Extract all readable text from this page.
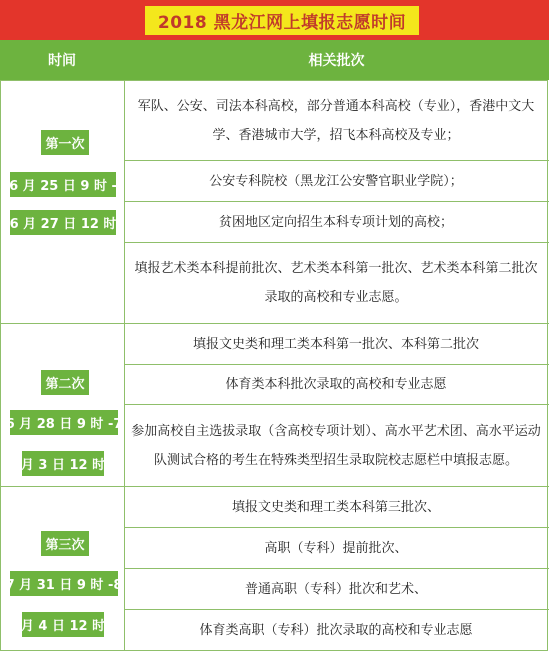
2018 黑龙江网上填报志愿时间
时间	相关批次
第一次
6 月 25 日 9 时 -
6 月 27 日 12 时
军队、公安、司法本科高校，部分普通本科高校（专业），香港中文大学、香港城市大学，招飞本科高校及专业；
公安专科院校（黑龙江公安警官职业学院）；
贫困地区定向招生本科专项计划的高校；
填报艺术类本科提前批次、艺术类本科第一批次、艺术类本科第二批次录取的高校和专业志愿。
第二次
6 月 28 日 9 时 -7
月 3 日 12 时
填报文史类和理工类本科第一批次、本科第二批次
体育类本科批次录取的高校和专业志愿
参加高校自主选拔录取（含高校专项计划）、高水平艺术团、高水平运动队测试合格的考生在特殊类型招生录取院校志愿栏中填报志愿。
第三次
7 月 31 日 9 时 -8
月 4 日 12 时
填报文史类和理工类本科第三批次、
高职（专科）提前批次、
普通高职（专科）批次和艺术、
体育类高职（专科）批次录取的高校和专业志愿
